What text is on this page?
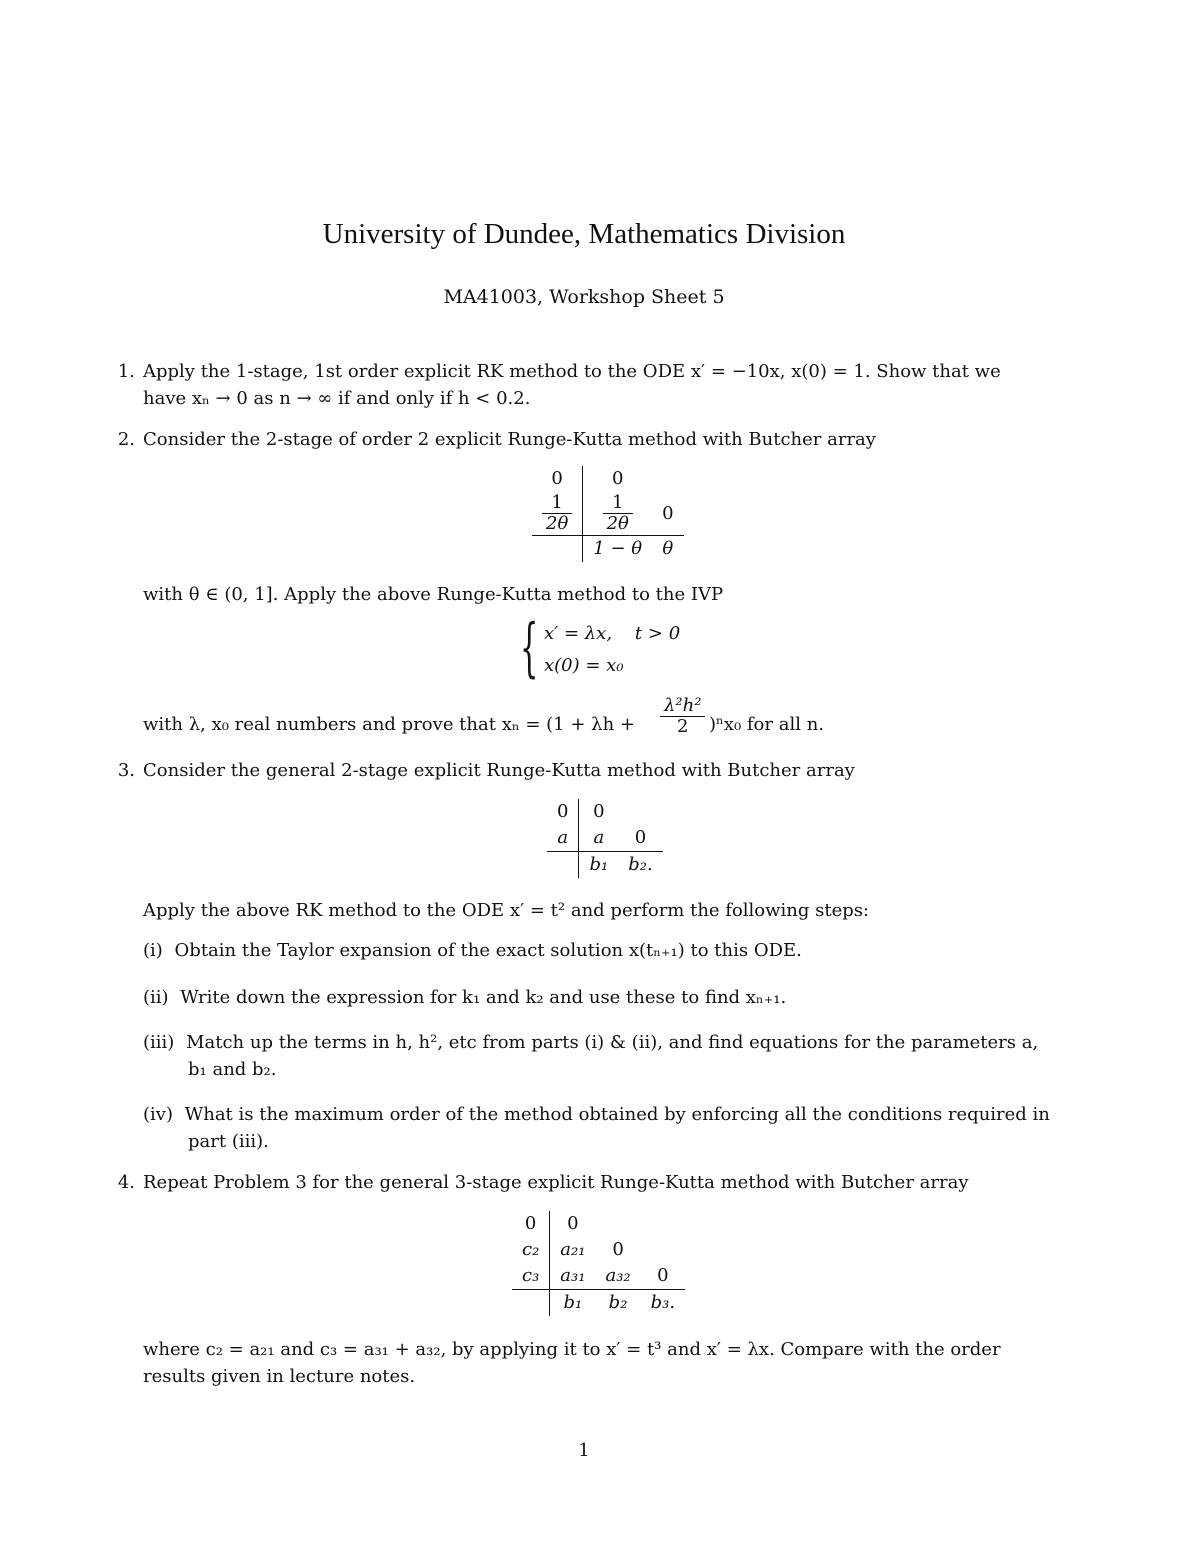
University of Dundee, Mathematics Division
MA41003, Workshop Sheet 5
1. Apply the 1-stage, 1st order explicit RK method to the ODE x′ = −10x, x(0) = 1. Show that we
have xₙ → 0 as n → ∞ if and only if h < 0.2.
2. Consider the 2-stage of order 2 explicit Runge-Kutta method with Butcher array
0	0	

$\frac{1}{2\theta}$	$\frac{1}{2\theta}$	0
	1 − θ	θ
with θ ∈ (0, 1]. Apply the above Runge-Kutta method to the IVP
{ x′ = λx,    t > 0
x(0) = x₀
with λ, x₀ real numbers and prove that $x_n = (1 + \lambda h + \frac{\text{λ²h²}}{2} )^nx_0$ for all n.
3. Consider the general 2-stage explicit Runge-Kutta method with Butcher array
0	0	
a	a	0
	b₁	b₂.
Apply the above RK method to the ODE x′ = t² and perform the following steps:
(i) Obtain the Taylor expansion of the exact solution x(tₙ₊₁) to this ODE.
(ii) Write down the expression for k₁ and k₂ and use these to find xₙ₊₁.
(iii) Match up the terms in h, h², etc from parts (i) & (ii), and find equations for the parameters a,
b₁ and b₂.
(iv) What is the maximum order of the method obtained by enforcing all the conditions required in
part (iii).
4. Repeat Problem 3 for the general 3-stage explicit Runge-Kutta method with Butcher array
0	0		
c₂	a₂₁	0	
c₃	a₃₁	a₃₂	0
	b₁	b₂	b₃.
where c₂ = a₂₁ and c₃ = a₃₁ + a₃₂, by applying it to x′ = t³ and x′ = λx. Compare with the order
results given in lecture notes.
1
